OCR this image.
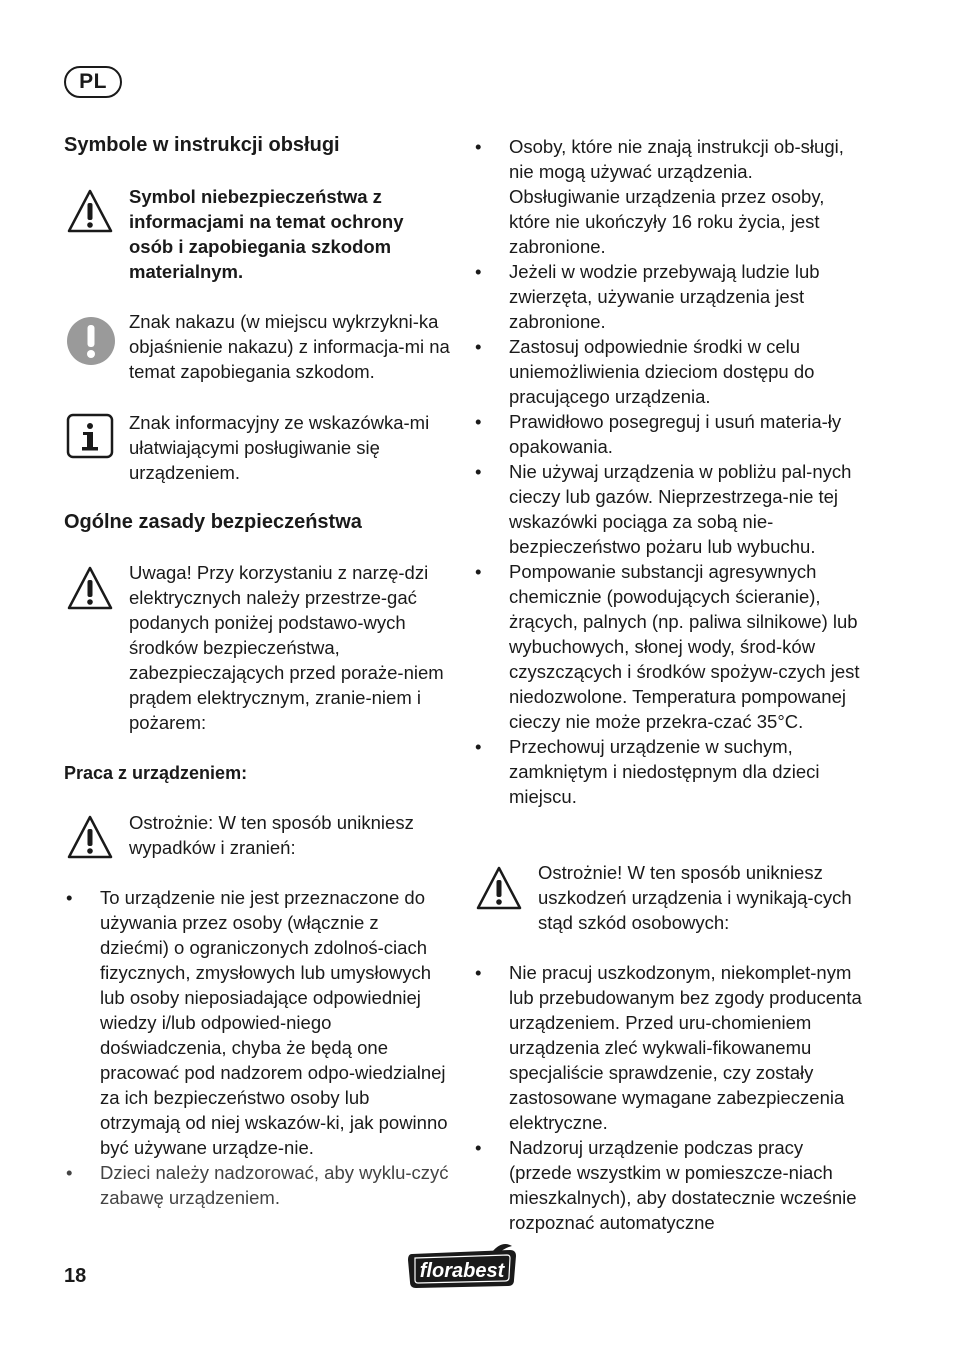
PL
Symbole w instrukcji obsługi
Symbol niebezpieczeństwa z informacjami na temat ochrony osób i zapobiegania szkodom materialnym.
Znak nakazu (w miejscu wykrzykni-ka objaśnienie nakazu) z informacja-mi na temat zapobiegania szkodom.
Znak informacyjny ze wskazówka-mi ułatwiającymi posługiwanie się urządzeniem.
Ogólne zasady bezpieczeństwa
Uwaga! Przy korzystaniu z narzę-dzi elektrycznych należy przestrze-gać podanych poniżej podstawo-wych środków bezpieczeństwa, zabezpieczających przed poraże-niem prądem elektrycznym, zranie-niem i pożarem:
Praca z urządzeniem:
Ostrożnie: W ten sposób unikniesz wypadków i zranień:
• To urządzenie nie jest przeznaczone do używania przez osoby (włącznie z dziećmi) o ograniczonych zdolnoś-ciach fizycznych, zmysłowych lub umysłowych lub osoby nieposiadające odpowiedniej wiedzy i/lub odpowied-niego doświadczenia, chyba że będą one pracować pod nadzorem odpo-wiedzialnej za ich bezpieczeństwo osoby lub otrzymają od niej wskazów-ki, jak powinno być używane urządze-nie.
• Dzieci należy nadzorować, aby wyklu-czyć zabawę urządzeniem.
• Osoby, które nie znają instrukcji ob-sługi, nie mogą używać urządzenia. Obsługiwanie urządzenia przez osoby, które nie ukończyły 16 roku życia, jest zabronione.
• Jeżeli w wodzie przebywają ludzie lub zwierzęta, używanie urządzenia jest zabronione.
• Zastosuj odpowiednie środki w celu uniemożliwienia dzieciom dostępu do pracującego urządzenia.
• Prawidłowo posegreguj i usuń materia-ły opakowania.
• Nie używaj urządzenia w pobliżu pal-nych cieczy lub gazów. Nieprzestrzega-nie tej wskazówki pociąga za sobą nie-bezpieczeństwo pożaru lub wybuchu.
• Pompowanie substancji agresywnych chemicznie (powodujących ścieranie), żrących, palnych (np. paliwa silnikowe) lub wybuchowych, słonej wody, środ-ków czyszczących i środków spożyw-czych jest niedozwolone. Temperatura pompowanej cieczy nie może przekra-czać 35°C.
• Przechowuj urządzenie w suchym, zamkniętym i niedostępnym dla dzieci miejscu.
Ostrożnie! W ten sposób unikniesz uszkodzeń urządzenia i wynikają-cych stąd szkód osobowych:
• Nie pracuj uszkodzonym, niekomplet-nym lub przebudowanym bez zgody producenta urządzeniem. Przed uru-chomieniem urządzenia zleć wykwali-fikowanemu specjaliście sprawdzenie, czy zostały zastosowane wymagane zabezpieczenia elektryczne.
• Nadzoruj urządzenie podczas pracy (przede wszystkim w pomieszcze-niach mieszkalnych), aby dostatecznie wcześnie rozpoznać automatyczne
18	florabest
